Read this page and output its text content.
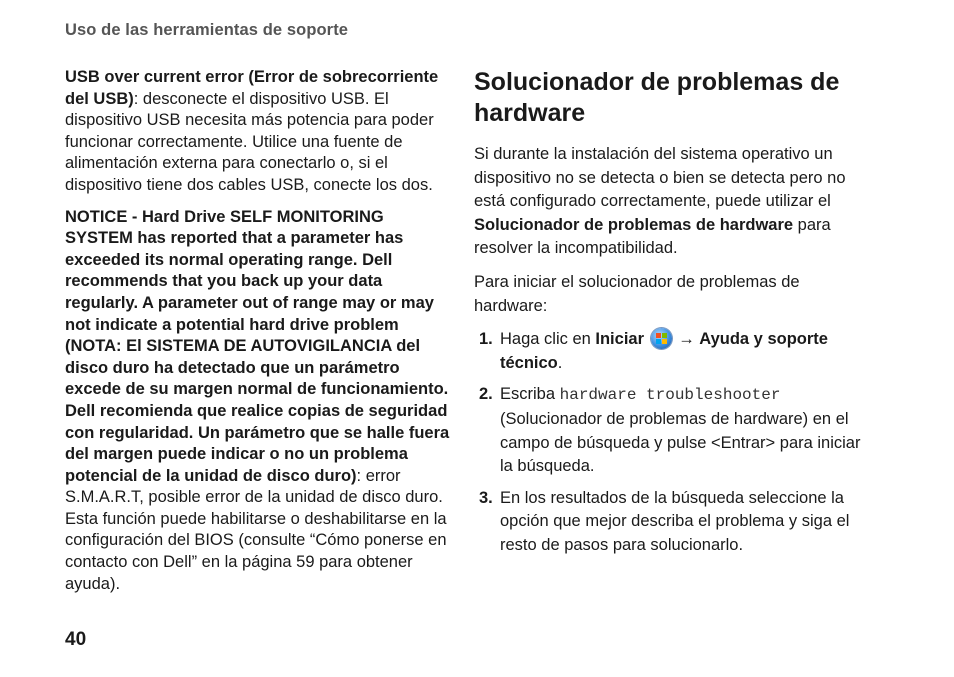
Uso de las herramientas de soporte

USB over current error (Error de sobrecorriente del USB): desconecte el dispositivo USB. El dispositivo USB necesita más potencia para poder funcionar correctamente. Utilice una fuente de alimentación externa para conectarlo o, si el dispositivo tiene dos cables USB, conecte los dos.

NOTICE - Hard Drive SELF MONITORING SYSTEM has reported that a parameter has exceeded its normal operating range. Dell recommends that you back up your data regularly. A parameter out of range may or may not indicate a potential hard drive problem (NOTA: El SISTEMA DE AUTOVIGILANCIA del disco duro ha detectado que un parámetro excede de su margen normal de funcionamiento. Dell recomienda que realice copias de seguridad con regularidad. Un parámetro que se halle fuera del margen puede indicar o no un problema potencial de la unidad de disco duro): error S.M.A.R.T, posible error de la unidad de disco duro. Esta función puede habilitarse o deshabilitarse en la configuración del BIOS (consulte “Cómo ponerse en contacto con Dell” en la página 59 para obtener ayuda).

Solucionador de problemas de hardware

Si durante la instalación del sistema operativo un dispositivo no se detecta o bien se detecta pero no está configurado correctamente, puede utilizar el Solucionador de problemas de hardware para resolver la incompatibilidad.

Para iniciar el solucionador de problemas de hardware:

1. Haga clic en Iniciar → Ayuda y soporte técnico.
2. Escriba hardware troubleshooter (Solucionador de problemas de hardware) en el campo de búsqueda y pulse <Entrar> para iniciar la búsqueda.
3. En los resultados de la búsqueda seleccione la opción que mejor describa el problema y siga el resto de pasos para solucionarlo.
40
